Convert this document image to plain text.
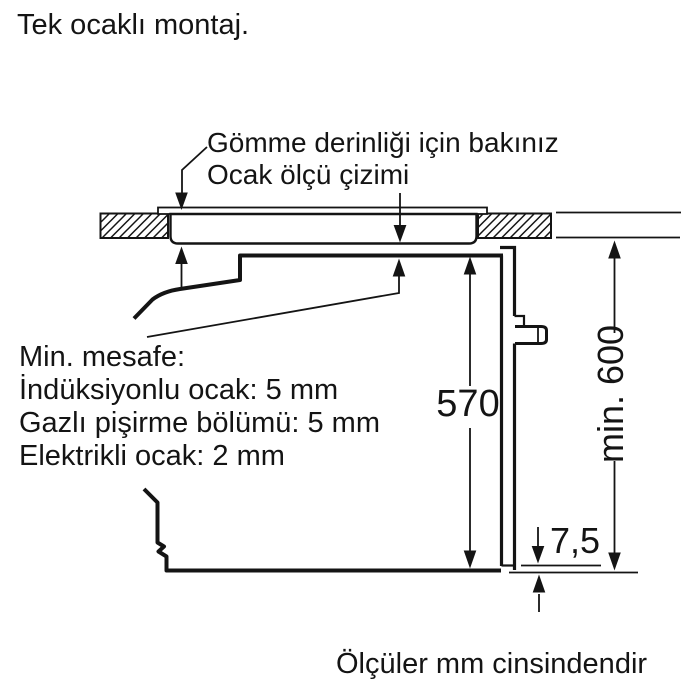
Tek ocaklı montaj.
Gömme derinliği için bakınız
Ocak ölçü çizimi
Min. mesafe:
İndüksiyonlu ocak: 5 mm
Gazlı pişirme bölümü: 5 mm
Elektrikli ocak: 2 mm
570	min. 600
7,5
Ölçüler mm cinsindendir
